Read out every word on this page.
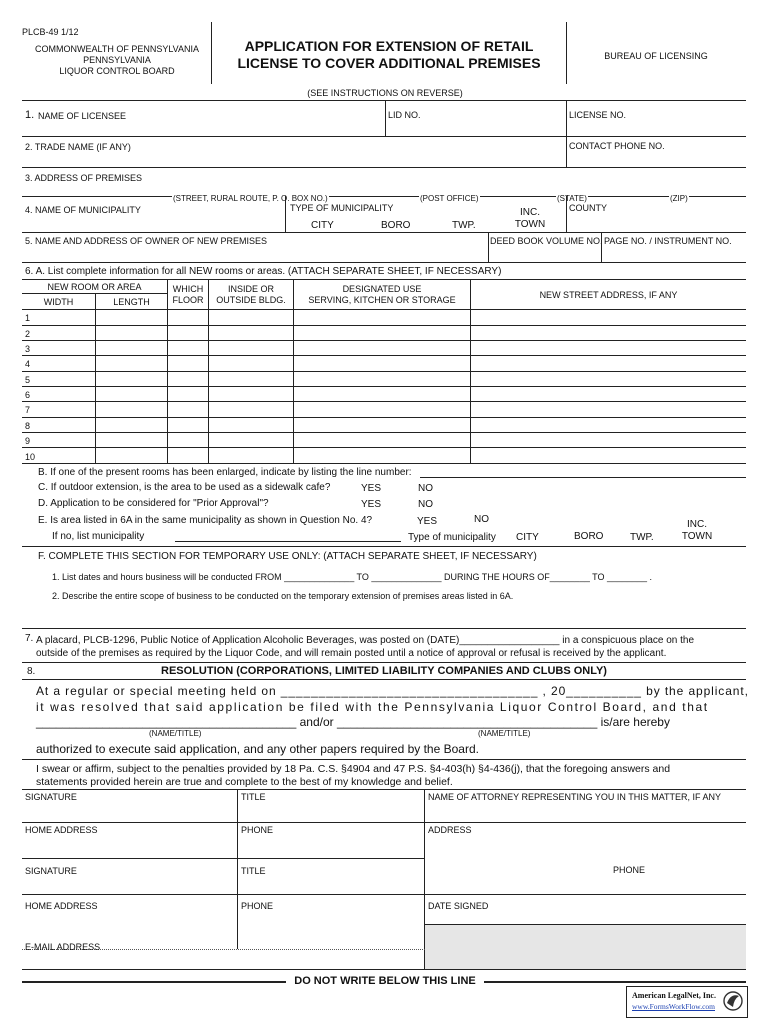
PLCB-49 1/12
COMMONWEALTH OF PENNSYLVANIA
PENNSYLVANIA
LIQUOR CONTROL BOARD
APPLICATION FOR EXTENSION OF RETAIL
LICENSE TO COVER ADDITIONAL PREMISES	BUREAU OF LICENSING
(SEE INSTRUCTIONS ON REVERSE)
1. NAME OF LICENSEE	LID NO.	LICENSE NO.
2. TRADE NAME (IF ANY)	CONTACT PHONE NO.
3. ADDRESS OF PREMISES
(STREET, RURAL ROUTE, P. O. BOX NO.)	(POST OFFICE)	(STATE)	(ZIP)
4. NAME OF MUNICIPALITY	TYPE OF MUNICIPALITY
CITY	BORO	TWP.
INC.
TOWN
COUNTY
5. NAME AND ADDRESS OF OWNER OF NEW PREMISES	DEED BOOK VOLUME NO. PAGE NO. / INSTRUMENT NO.
6. A. List complete information for all NEW rooms or areas. (ATTACH SEPARATE SHEET, IF NECESSARY)
NEW ROOM OR AREA
WIDTH	LENGTH
WHICH
FLOOR
INSIDE OR
OUTSIDE BLDG.
DESIGNATED USE
SERVING, KITCHEN OR STORAGE	NEW STREET ADDRESS, IF ANY
1
2
3
4
5
6
7
8
9
10
B. If one of the present rooms has been enlarged, indicate by listing the line number:
C. If outdoor extension, is the area to be used as a sidewalk cafe?	YES	NO
D. Application to be considered for "Prior Approval"?	YES	NO
E. Is area listed in 6A in the same municipality as shown in Question No. 4?	YES	NO
If no, list municipality	Type of municipality CITY	BORO	TWP.
INC.
TOWN
F. COMPLETE THIS SECTION FOR TEMPORARY USE ONLY: (ATTACH SEPARATE SHEET, IF NECESSARY)
1. List dates and hours business will be conducted FROM ______________ TO ______________ DURING THE HOURS OF________ TO ________ .
2. Describe the entire scope of business to be conducted on the temporary extension of premises areas listed in 6A.
7. A placard, PLCB-1296, Public Notice of Application Alcoholic Beverages, was posted on (DATE)__________________ in a conspicuous place on the
outside of the premises as required by the Liquor Code, and will remain posted until a notice of approval or refusal is received by the applicant.
8.	RESOLUTION (CORPORATIONS, LIMITED LIABILITY COMPANIES AND CLUBS ONLY)
At a regular or special meeting held on __________________________________ , 20__________ by the applicant,
it was resolved that said application be filed with the Pennsylvania Liquor Control Board, and that
_______________________________________ and/or _______________________________________ is/are hereby
(NAME/TITLE)	(NAME/TITLE)
authorized to execute said application, and any other papers required by the Board.
I swear or affirm, subject to the penalties provided by 18 Pa. C.S. §4904 and 47 P.S. §4-403(h) §4-436(j), that the foregoing answers and
statements provided herein are true and complete to the best of my knowledge and belief.
SIGNATURE	TITLE	NAME OF ATTORNEY REPRESENTING YOU IN THIS MATTER, IF ANY
HOME ADDRESS	PHONE	ADDRESS
SIGNATURE	TITLE	PHONE
HOME ADDRESS	PHONE	DATE SIGNED
E-MAIL ADDRESS
DO NOT WRITE BELOW THIS LINE
American LegalNet, Inc.
www.FormsWorkFlow.com
